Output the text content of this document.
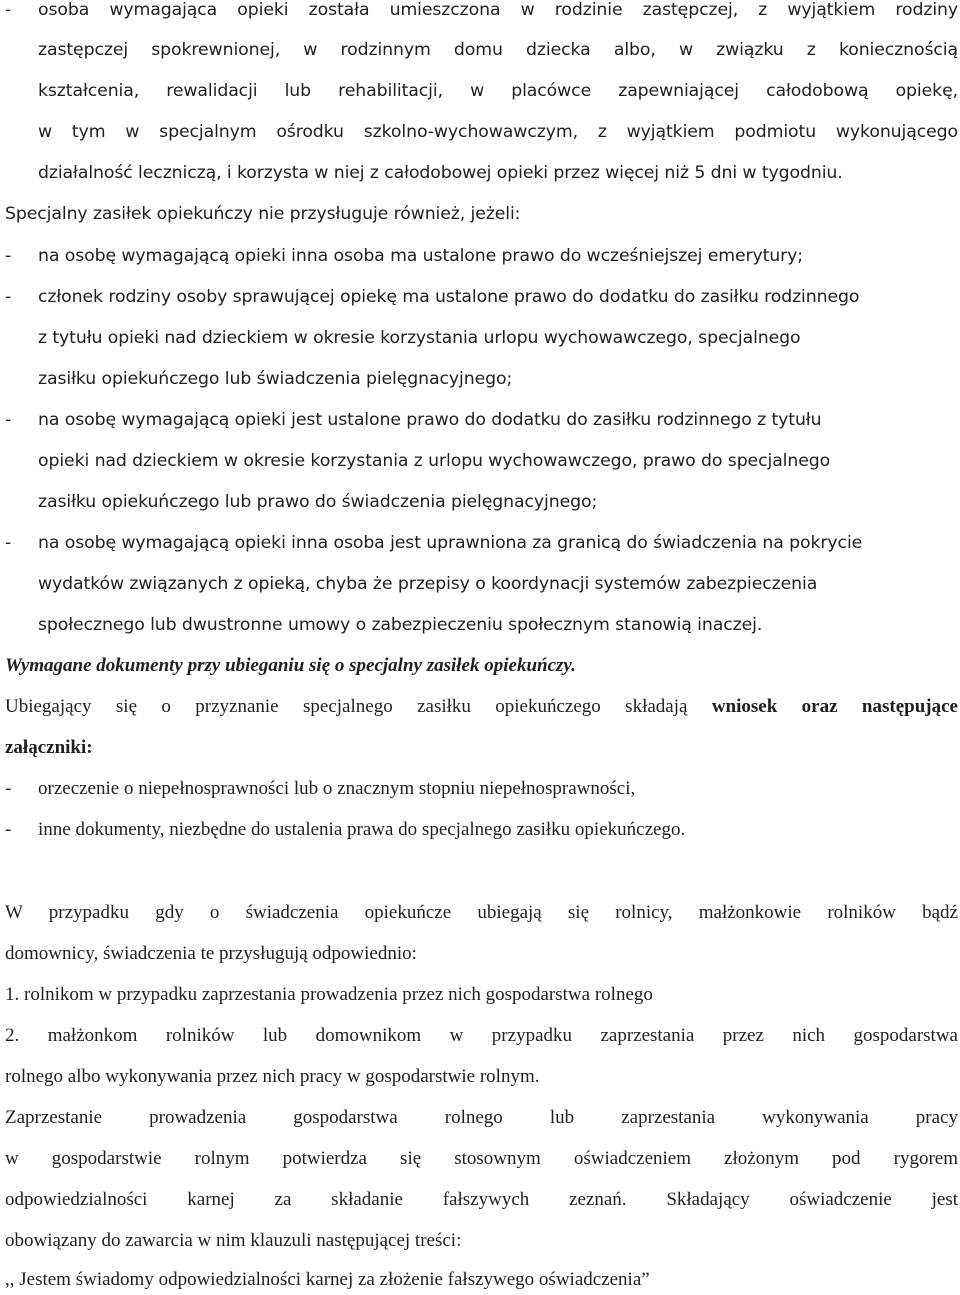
-	osoba wymagająca opieki została umieszczona w rodzinie zastępczej, z wyjątkiem rodziny
zastępczej spokrewnionej, w rodzinnym domu dziecka albo, w związku z koniecznością
kształcenia, rewalidacji lub rehabilitacji, w placówce zapewniającej całodobową opiekę,
w tym w specjalnym ośrodku szkolno-wychowawczym, z wyjątkiem podmiotu wykonującego
działalność leczniczą, i korzysta w niej z całodobowej opieki przez więcej niż 5 dni w tygodniu.
Specjalny zasiłek opiekuńczy nie przysługuje również, jeżeli:
-	na osobę wymagającą opieki inna osoba ma ustalone prawo do wcześniejszej emerytury;
-	członek rodziny osoby sprawującej opiekę ma ustalone prawo do dodatku do zasiłku rodzinnego
z tytułu opieki nad dzieckiem w okresie korzystania urlopu wychowawczego, specjalnego
zasiłku opiekuńczego lub świadczenia pielęgnacyjnego;
-	na osobę wymagającą opieki jest ustalone prawo do dodatku do zasiłku rodzinnego z tytułu
opieki nad dzieckiem w okresie korzystania z urlopu wychowawczego, prawo do specjalnego
zasiłku opiekuńczego lub prawo do świadczenia pielęgnacyjnego;
-	na osobę wymagającą opieki inna osoba jest uprawniona za granicą do świadczenia na pokrycie
wydatków związanych z opieką, chyba że przepisy o koordynacji systemów zabezpieczenia
społecznego lub dwustronne umowy o zabezpieczeniu społecznym stanowią inaczej.
Wymagane dokumenty przy ubieganiu się o specjalny zasiłek opiekuńczy.
Ubiegający się o przyznanie specjalnego zasiłku opiekuńczego składają wniosek oraz następujące
załączniki:
-	orzeczenie o niepełnosprawności lub o znacznym stopniu niepełnosprawności,
-	inne dokumenty, niezbędne do ustalenia prawa do specjalnego zasiłku opiekuńczego.
W przypadku gdy o świadczenia opiekuńcze ubiegają się rolnicy, małżonkowie rolników bądź
domownicy, świadczenia te przysługują odpowiednio:
1. rolnikom w przypadku zaprzestania prowadzenia przez nich gospodarstwa rolnego
2. małżonkom rolników lub domownikom w przypadku zaprzestania przez nich gospodarstwa
rolnego albo wykonywania przez nich pracy w gospodarstwie rolnym.
Zaprzestanie prowadzenia gospodarstwa rolnego lub zaprzestania wykonywania pracy
w gospodarstwie rolnym potwierdza się stosownym oświadczeniem złożonym pod rygorem
odpowiedzialności karnej za składanie fałszywych zeznań. Składający oświadczenie jest
obowiązany do zawarcia w nim klauzuli następującej treści:
,, Jestem świadomy odpowiedzialności karnej za złożenie fałszywego oświadczenia”
